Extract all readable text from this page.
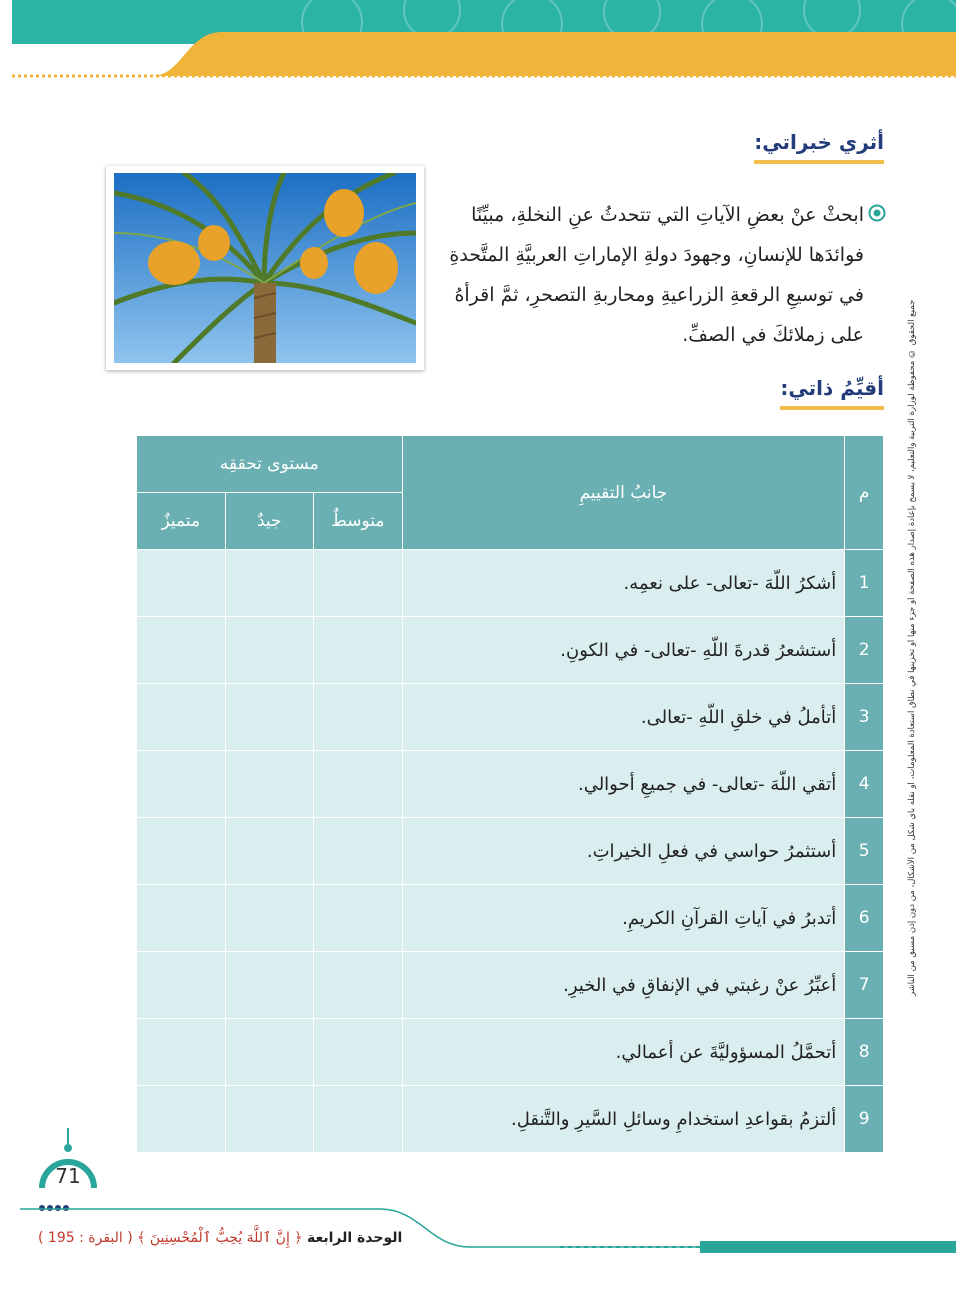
أثري خبراتي:
ابحثْ عنْ بعضِ الآياتِ التي تتحدثُ عنِ النخلةِ، مبيِّنًا فوائدَها للإنسانِ، وجهودَ دولةِ الإماراتِ العربيَّةِ المتَّحدةِ في توسيعِ الرقعةِ الزراعيةِ ومحاربةِ التصحرِ، ثمَّ اقرأهُ على زملائكَ في الصفِّ.
أقيِّمُ ذاتي:	جميع الحقوق © محفوظة لوزارة التربية والتعليم، لا يسمح بإعادة إصدار هذه الصفحة أو جزء منها أو تخزينها في نطاق استعادة المعلومات، أو نقله بأي شكل من الأشكال، من دون إذن مسبق من الناشر
م	جانبُ التقييمِ	مستوى تحققِه		
		متوسطٌ	جيدٌ	متميزٌ
1	أشكرُ اللّهَ -تعالى- على نعمِه.			
2	أستشعرُ قدرةَ اللّهِ -تعالى- في الكونِ.			
3	أتأملُ في خلقِ اللّهِ -تعالى.			
4	أتقي اللّهَ -تعالى- في جميعِ أحوالي.			
5	أستثمرُ حواسي في فعلِ الخيراتِ.			
6	أتدبرُ في آياتِ القرآنِ الكريمِ.			
7	أعبِّرُ عنْ رغبتي في الإنفاقِ في الخيرِ.			
8	أتحمَّلُ المسؤوليَّةَ عن أعمالي.			
9	ألتزمُ بقواعدِ استخدامِ وسائلِ السَّيرِ والتَّنقلِ.			
71
الوحدة الرابعة ﴿ إِنَّ ٱللَّهَ يُحِبُّ ٱلْمُحْسِنِينَ ﴾ ( البقرة : 195 )
